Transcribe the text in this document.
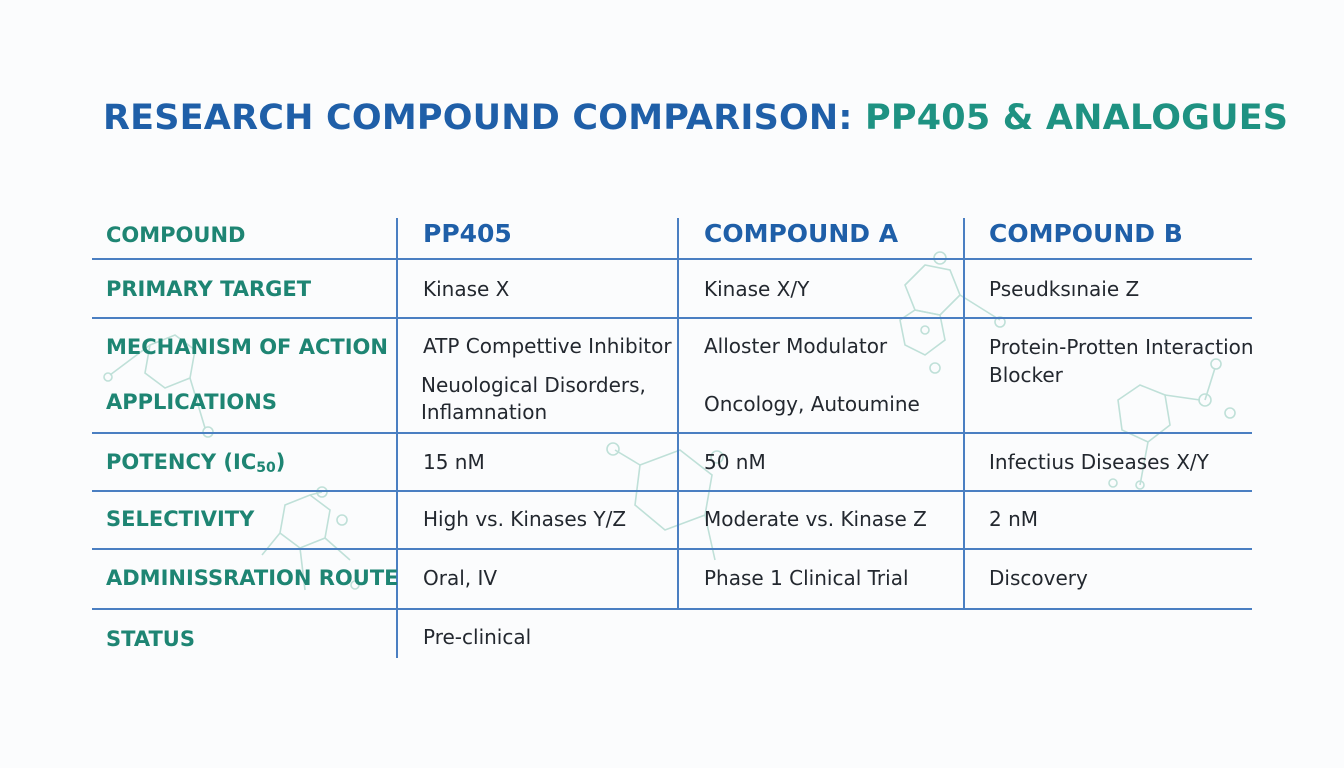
RESEARCH COMPOUND COMPARISON: PP405 & ANALOGUES
COMPOUND
PRIMARY TARGET
MECHANISM OF ACTION
APPLICATIONS
POTENCY $(IC_{50})$
SELECTIVITY
ADMINISSRATION ROUTE
STATUS
PP405	COMPOUND A	COMPOUND B
Kinase X
ATP Compettive Inhibitor
Neuological Disorders,
Inflamnation
15 nM
High vs. Kinases Y/Z
Oral, IV
Pre-clinical
Kinase X/Y
Alloster Modulator
Oncology, Autoumine
50 nM
Moderate vs. Kinase Z
Phase 1 Clinical Trial
Pseudksınaie Z
Protein-Protten Interaction
Blocker
Infectius Diseases X/Y
2 nM
Discovery
